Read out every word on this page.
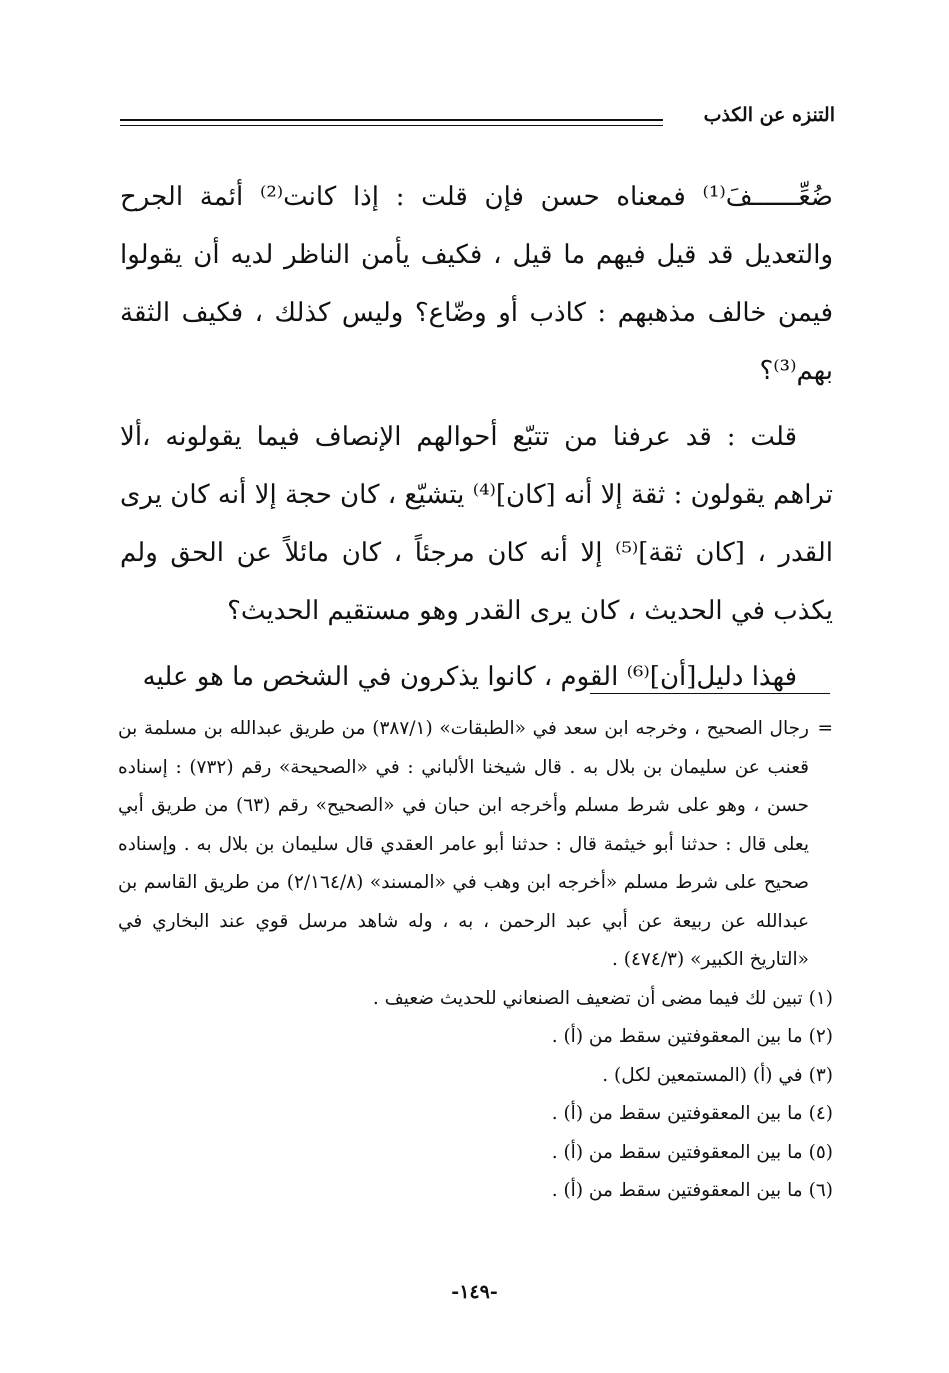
التنزه عن الكذب

ضُعِّــــــفَ⁽¹⁾ فمعناه حسن فإن قلت : إذا كانت⁽²⁾ أئمة الجرح والتعديل قد قيل فيهم ما قيل ، فكيف يأمن الناظر لديه أن يقولوا فيمن خالف مذهبهم : كاذب أو وضّاع؟ وليس كذلك ، فكيف الثقة بهم⁽³⁾؟

قلت : قد عرفنا من تتبّع أحوالهم الإنصاف فيما يقولونه ،ألا تراهم يقولون : ثقة إلا أنه [كان]⁽⁴⁾ يتشيّع ، كان حجة إلا أنه كان يرى القدر ، [كان ثقة]⁽⁵⁾ إلا أنه كان مرجئاً ، كان مائلاً عن الحق ولم يكذب في الحديث ، كان يرى القدر وهو مستقيم الحديث؟

فهذا دليل[أن]⁽⁶⁾ القوم ، كانوا يذكرون في الشخص ما هو عليه

=

رجال الصحيح ، وخرجه ابن سعد في «الطبقات» (٣٨٧/١) من طريق عبدالله بن مسلمة بن قعنب عن سليمان بن بلال به . قال شيخنا الألباني : في «الصحيحة» رقم (٧٣٢) : إسناده حسن ، وهو على شرط مسلم وأخرجه ابن حبان في «الصحيح» رقم (٦٣) من طريق أبي يعلى قال : حدثنا أبو خيثمة قال : حدثنا أبو عامر العقدي قال سليمان بن بلال به . وإسناده صحيح على شرط مسلم «أخرجه ابن وهب في «المسند» (٢/١٦٤/٨) من طريق القاسم بن عبدالله عن ربيعة عن أبي عبد الرحمن ، به ، وله شاهد مرسل قوي عند البخاري في «التاريخ الكبير» (٤٧٤/٣) .

(١)تبين لك فيما مضى أن تضعيف الصنعاني للحديث ضعيف .
(٢)ما بين المعقوفتين سقط من (أ) .
(٣)في (أ) (المستمعين لكل) .
(٤)ما بين المعقوفتين سقط من (أ) .
(٥)ما بين المعقوفتين سقط من (أ) .
(٦)ما بين المعقوفتين سقط من (أ) .
-١٤٩-
